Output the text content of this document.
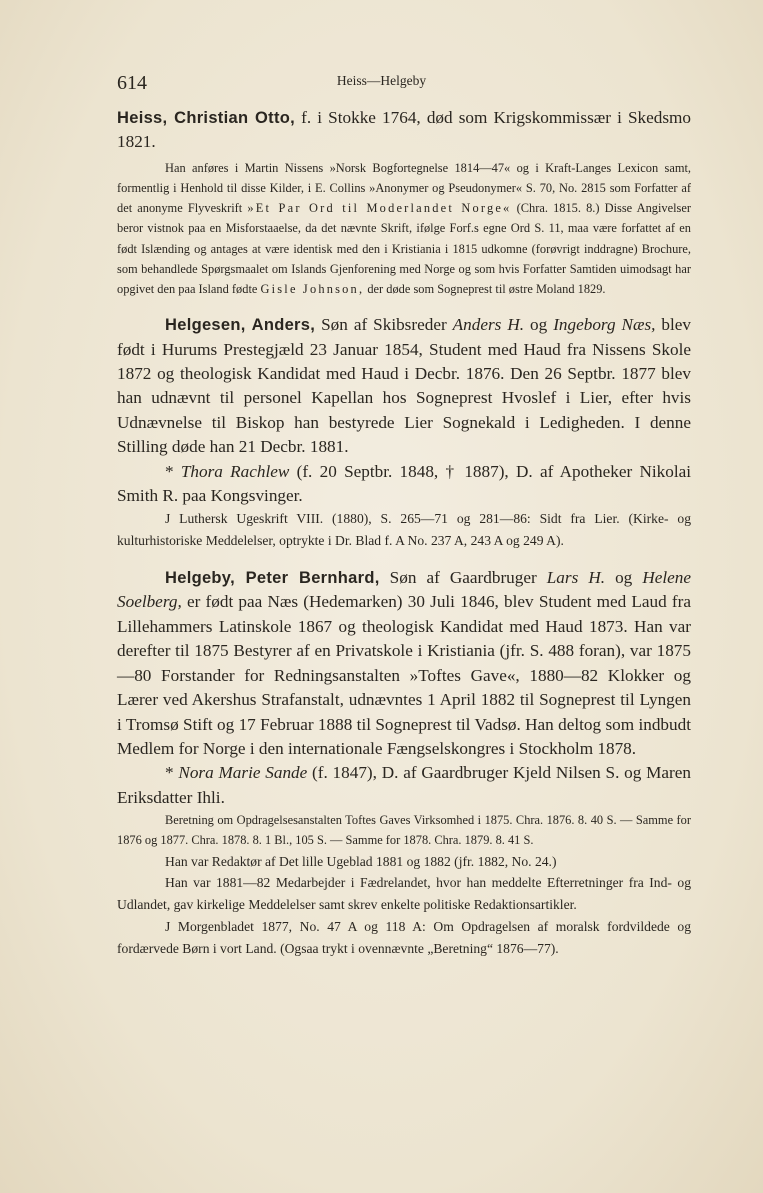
614	Heiss—Helgeby

Heiss, Christian Otto, f. i Stokke 1764, død som Krigskommissær i Skedsmo 1821.

Han anføres i Martin Nissens »Norsk Bogfortegnelse 1814—47« og i Kraft-Langes Lexicon samt, formentlig i Henhold til disse Kilder, i E. Collins »Anonymer og Pseudonymer« S. 70, No. 2815 som Forfatter af det anonyme Flyveskrift »Et Par Ord til Moderlandet Norge« (Chra. 1815. 8.) Disse Angivelser beror vistnok paa en Misforstaaelse, da det nævnte Skrift, ifølge Forf.s egne Ord S. 11, maa være forfattet af en født Islænding og antages at være identisk med den i Kristiania i 1815 udkomne (forøvrigt inddragne) Brochure, som behandlede Spørgsmaalet om Islands Gjenforening med Norge og som hvis Forfatter Samtiden uimodsagt har opgivet den paa Island fødte Gisle Johnson, der døde som Sogneprest til østre Moland 1829.

Helgesen, Anders, Søn af Skibsreder Anders H. og Ingeborg Næs, blev født i Hurums Prestegjæld 23 Januar 1854, Student med Haud fra Nissens Skole 1872 og theologisk Kandidat med Haud i Decbr. 1876. Den 26 Septbr. 1877 blev han udnævnt til personel Kapellan hos Sogneprest Hvoslef i Lier, efter hvis Udnævnelse til Biskop han bestyrede Lier Sognekald i Ledigheden. I denne Stilling døde han 21 Decbr. 1881.

* Thora Rachlew (f. 20 Septbr. 1848, † 1887), D. af Apotheker Nikolai Smith R. paa Kongsvinger.

J Luthersk Ugeskrift VIII. (1880), S. 265—71 og 281—86: Sidt fra Lier. (Kirke- og kulturhistoriske Meddelelser, optrykte i Dr. Blad f. A No. 237 A, 243 A og 249 A).

Helgeby, Peter Bernhard, Søn af Gaardbruger Lars H. og Helene Soelberg, er født paa Næs (Hedemarken) 30 Juli 1846, blev Student med Laud fra Lillehammers Latinskole 1867 og theologisk Kandidat med Haud 1873. Han var derefter til 1875 Bestyrer af en Privatskole i Kristiania (jfr. S. 488 foran), var 1875—80 Forstander for Redningsanstalten »Toftes Gave«, 1880—82 Klokker og Lærer ved Akershus Strafanstalt, udnævntes 1 April 1882 til Sogneprest til Lyngen i Tromsø Stift og 17 Februar 1888 til Sogneprest til Vadsø. Han deltog som indbudt Medlem for Norge i den internationale Fængselskongres i Stockholm 1878.

* Nora Marie Sande (f. 1847), D. af Gaardbruger Kjeld Nilsen S. og Maren Eriksdatter Ihli.

Beretning om Opdragelsesanstalten Toftes Gaves Virksomhed i 1875. Chra. 1876. 8. 40 S. — Samme for 1876 og 1877. Chra. 1878. 8. 1 Bl., 105 S. — Samme for 1878. Chra. 1879. 8. 41 S.

Han var Redaktør af Det lille Ugeblad 1881 og 1882 (jfr. 1882, No. 24.)

Han var 1881—82 Medarbejder i Fædrelandet, hvor han meddelte Efterretninger fra Ind- og Udlandet, gav kirkelige Meddelelser samt skrev enkelte politiske Redaktionsartikler.

J Morgenbladet 1877, No. 47 A og 118 A: Om Opdragelsen af moralsk fordvildede og fordærvede Børn i vort Land. (Ogsaa trykt i ovennævnte „Beretning“ 1876—77).
